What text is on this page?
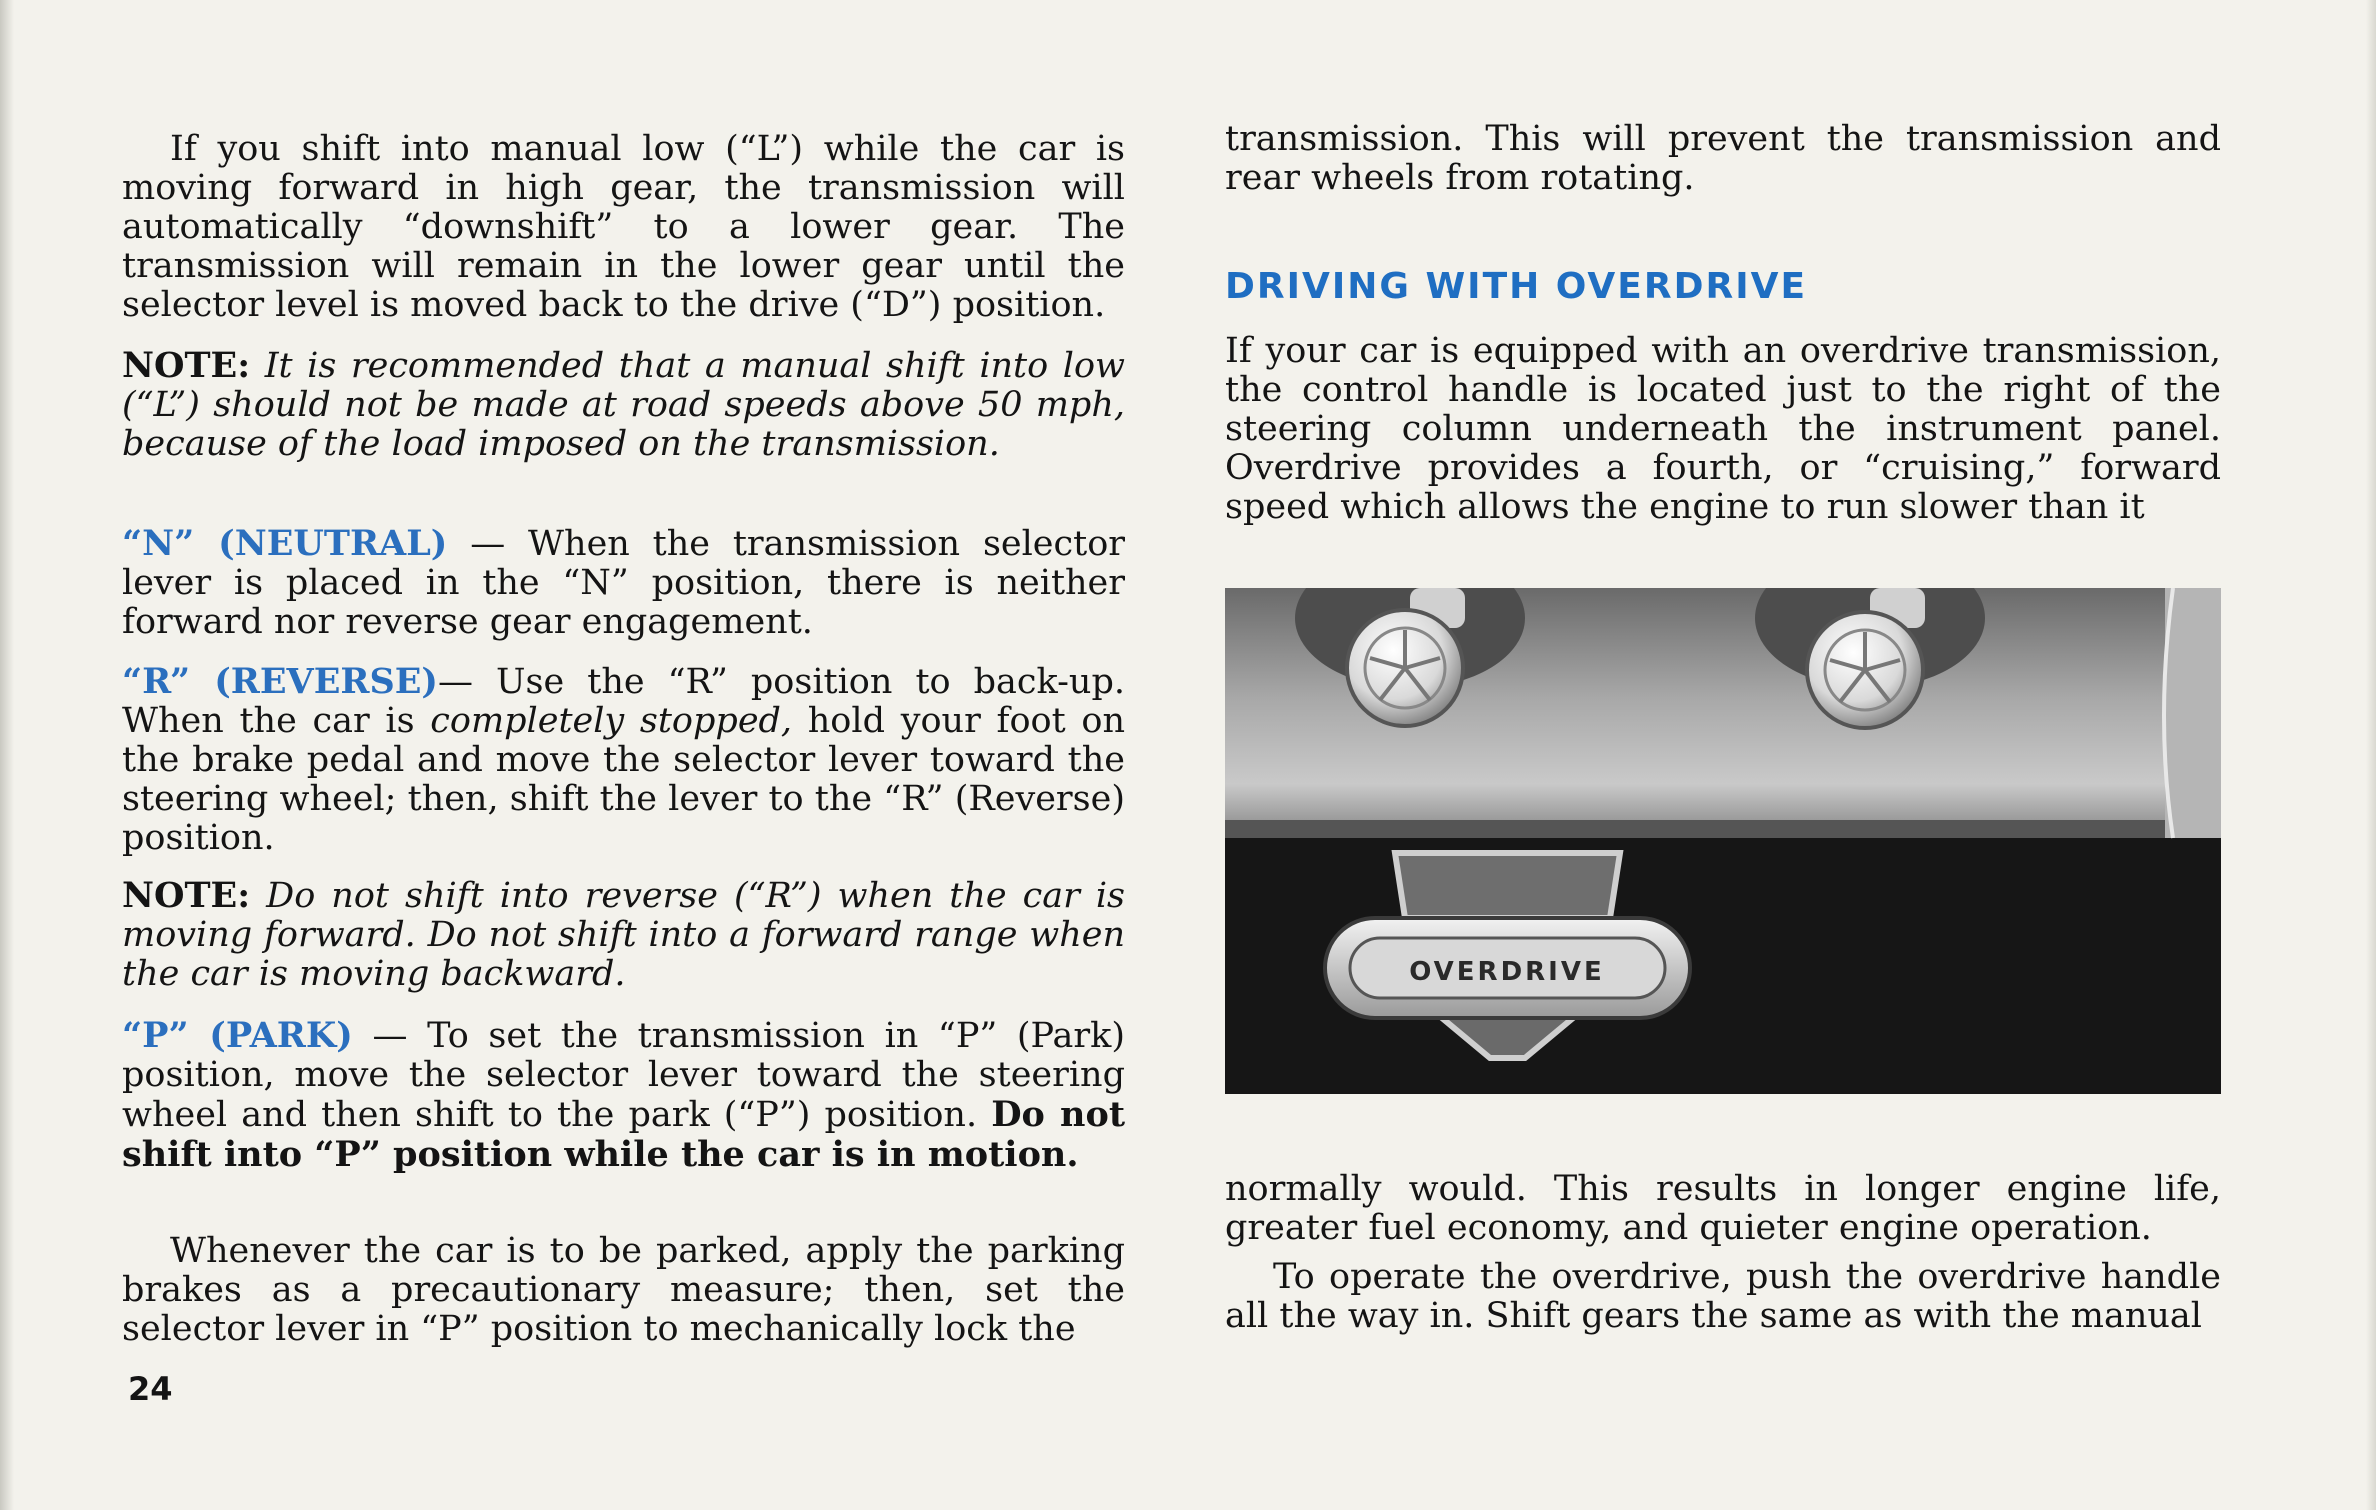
If you shift into manual low (“L”) while the car is moving forward in high gear, the transmission will automatically “downshift” to a lower gear. The transmission will remain in the lower gear until the selector level is moved back to the drive (“D”) position.

NOTE: It is recommended that a manual shift into low (“L”) should not be made at road speeds above 50 mph, because of the load imposed on the transmission.

“N” (NEUTRAL) — When the transmission selector lever is placed in the “N” position, there is neither forward nor reverse gear engagement.

“R” (REVERSE)— Use the “R” position to back-up. When the car is completely stopped, hold your foot on the brake pedal and move the selector lever toward the steering wheel; then, shift the lever to the “R” (Reverse) position.

NOTE: Do not shift into reverse (“R”) when the car is moving forward. Do not shift into a forward range when the car is moving backward.

“P” (PARK) — To set the transmission in “P” (Park) position, move the selector lever toward the steering wheel and then shift to the park (“P”) position. Do not shift into “P” position while the car is in motion.

Whenever the car is to be parked, apply the parking brakes as a precautionary measure; then, set the selector lever in “P” position to mechanically lock the

24

transmission. This will prevent the transmission and rear wheels from rotating.

DRIVING WITH OVERDRIVE

If your car is equipped with an overdrive transmission, the control handle is located just to the right of the steering column underneath the instrument panel. Overdrive provides a fourth, or “cruising,” forward speed which allows the engine to run slower than it

normally would. This results in longer engine life, greater fuel economy, and quieter engine operation.

To operate the overdrive, push the overdrive handle all the way in. Shift gears the same as with the manual

OVERDRIVE
